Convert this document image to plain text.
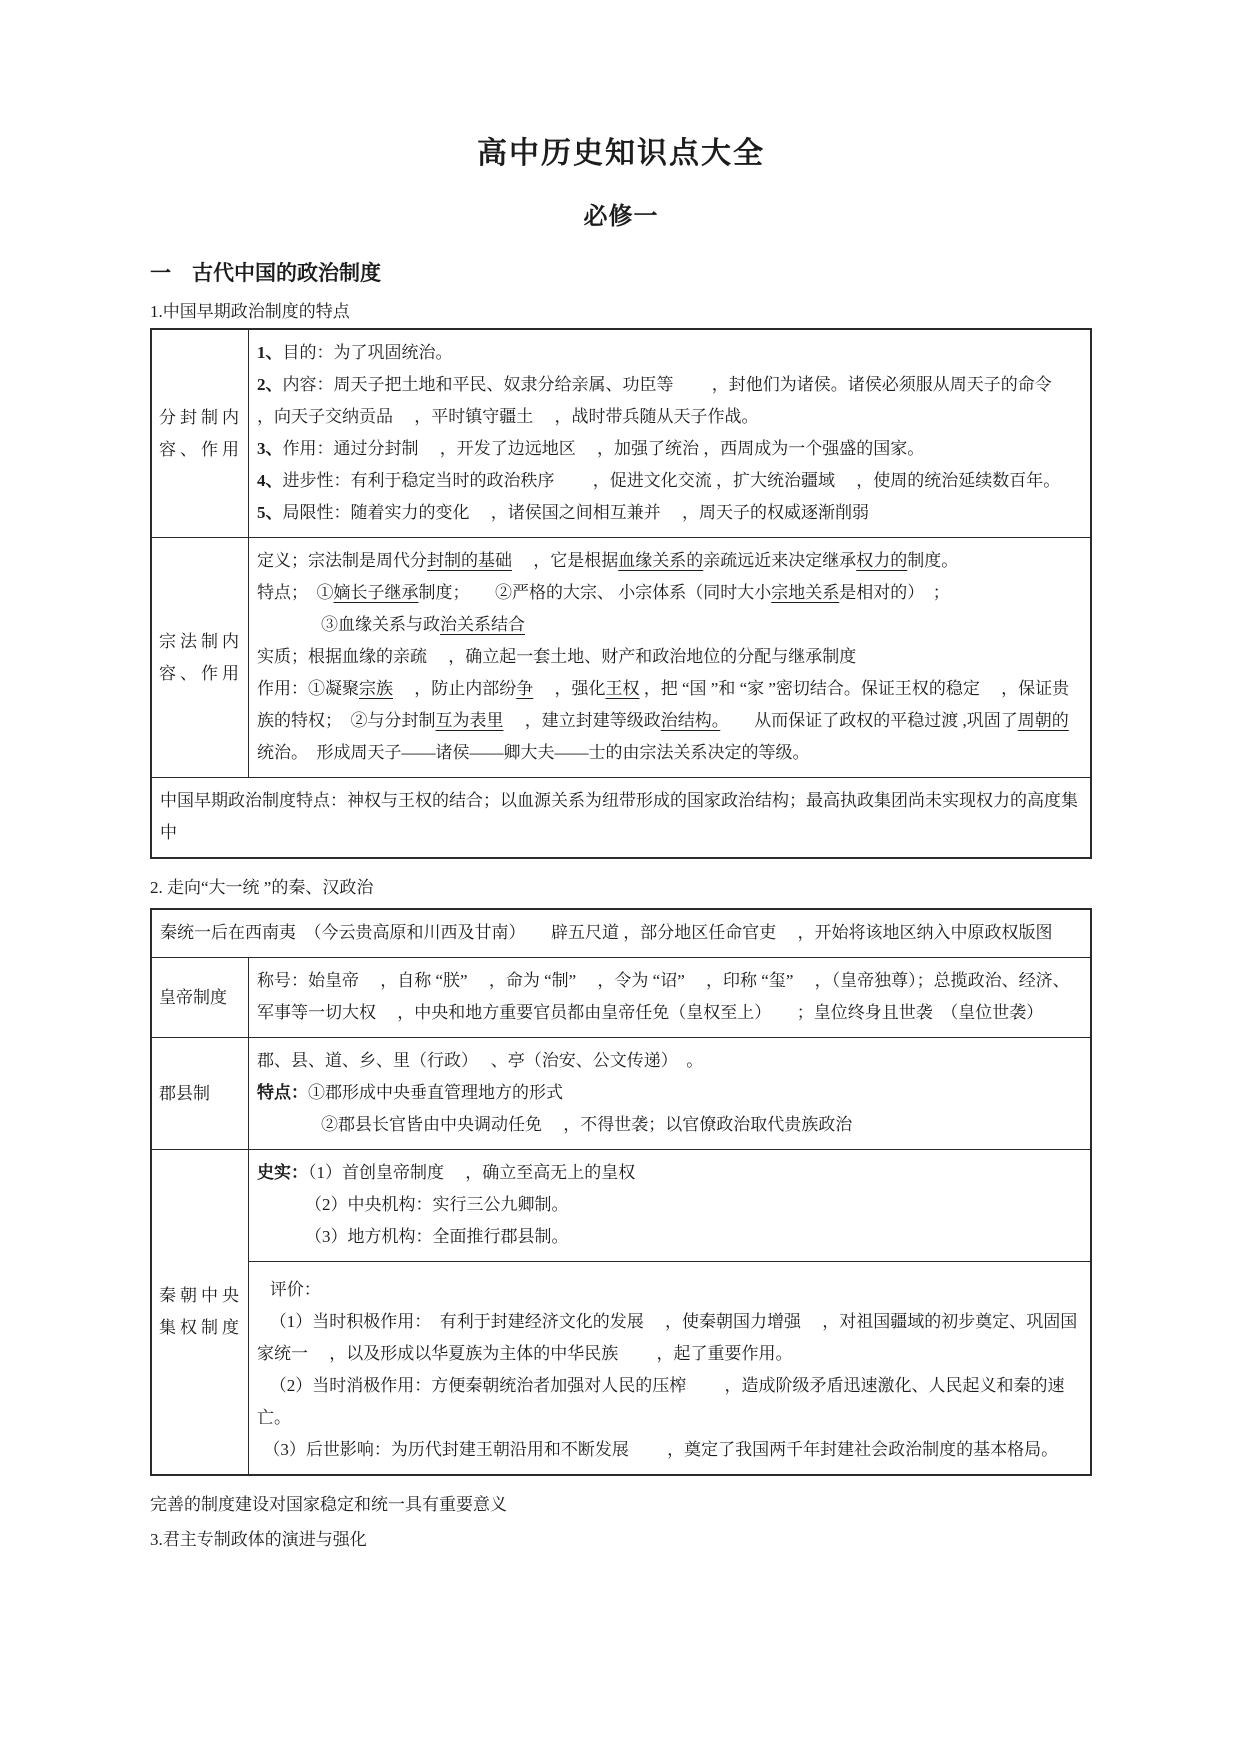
高中历史知识点大全
必修一
一　古代中国的政治制度

1.中国早期政治制度的特点

分封制内容、作用
1、目的：为了巩固统治。
2、内容：周天子把土地和平民、奴隶分给亲属、功臣等　　 ，封他们为诸侯。诸侯必须服从周天子的命令　 ，向天子交纳贡品　 ，平时镇守疆土　 ，战时带兵随从天子作战。
3、作用：通过分封制　 ，开发了边远地区　 ，加强了统治 ，西周成为一个强盛的国家。
4、进步性：有利于稳定当时的政治秩序　　 ，促进文化交流 ，扩大统治疆域　 ，使周的统治延续数百年。
5、局限性：随着实力的变化　 ，诸侯国之间相互兼并　 ，周天子的权威逐渐削弱
宗法制内容、作用
定义；宗法制是周代分封制的基础　 ，它是根据血缘关系的亲疏远近来决定继承权力的制度。
特点；　①嫡长子继承制度；　　②严格的大宗、 小宗体系（同时大小宗地关系是相对的）　；
③血缘关系与政治关系结合
实质；根据血缘的亲疏　 ，确立起一套土地、财产和政治地位的分配与继承制度
作用：①凝聚宗族　 ，防止内部纷争　 ，强化王权 ，把 “国 ”和 “家 ”密切结合。保证王权的稳定　 ，保证贵族的特权；　②与分封制互为表里　 ，建立封建等级政治结构。　　从而保证了政权的平稳过渡 ,巩固了周朝的统治。　形成周天子——诸侯——卿大夫——士的由宗法关系决定的等级。
中国早期政治制度特点：神权与王权的结合；以血源关系为纽带形成的国家政治结构；最高执政集团尚未实现权力的高度集中

2. 走向“大一统 ”的秦、汉政治

秦统一后在西南夷　（今云贵高原和川西及甘南）　　辟五尺道 ，部分地区任命官吏　 ，开始将该地区纳入中原政权版图
皇帝制度
称号：始皇帝　 ，自称 “朕”　 ，命为 “制”　 ，令为 “诏”　 ，印称 “玺”　 ，（皇帝独尊）；总揽政治、经济、军事等一切大权　 ，中央和地方重要官员都由皇帝任免（皇权至上）　　；皇位终身且世袭　（皇位世袭）
郡县制
郡、县、道、乡、里（行政）　 、亭（治安、公文传递）　。
特点：①郡形成中央垂直管理地方的形式
②郡县长官皆由中央调动任免　 ，不得世袭；以官僚政治取代贵族政治
秦朝中央集权制度
史实：（1）首创皇帝制度　 ，确立至高无上的皇权
（2）中央机构：实行三公九卿制。
（3）地方机构：全面推行郡县制。
评价：
（1）当时积极作用：　有利于封建经济文化的发展　 ，使秦朝国力增强　 ，对祖国疆域的初步奠定、巩固国家统一　 ，以及形成以华夏族为主体的中华民族　　 ，起了重要作用。
（2）当时消极作用：方便秦朝统治者加强对人民的压榨　　 ，造成阶级矛盾迅速激化、人民起义和秦的速亡。
（3）后世影响：为历代封建王朝沿用和不断发展　　 ，奠定了我国两千年封建社会政治制度的基本格局。

完善的制度建设对国家稳定和统一具有重要意义

3.君主专制政体的演进与强化
